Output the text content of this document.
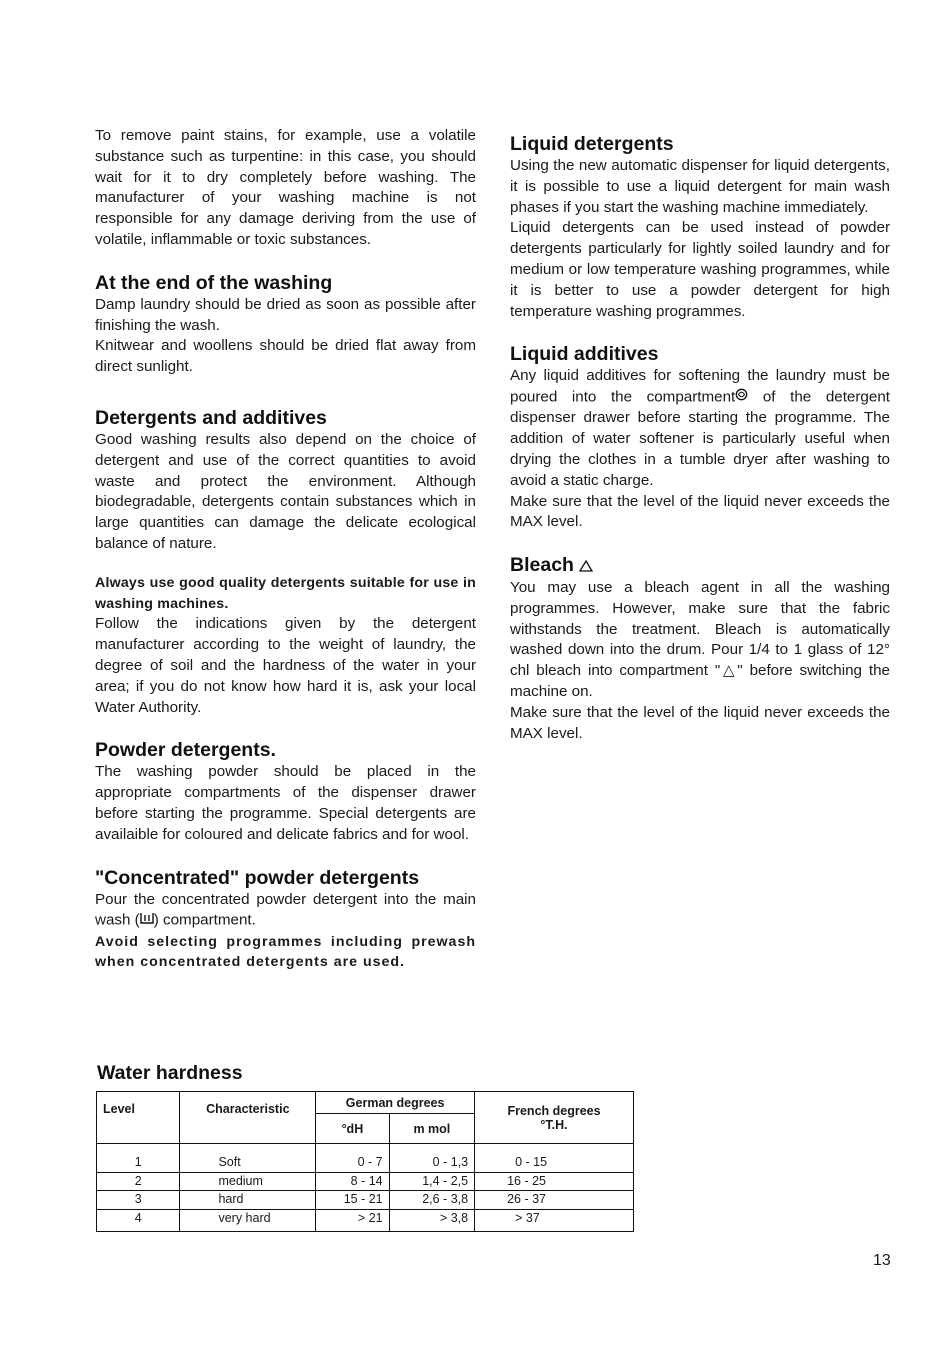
To remove paint stains, for example, use a volatile substance such as turpentine: in this case, you should wait for it to dry completely before washing. The manufacturer of your washing machine is not responsible for any damage deriving from the use of volatile, inflammable or toxic substances.

At the end of the washing

Damp laundry should be dried as soon as possible after finishing the wash.

Knitwear and woollens should be dried flat away from direct sunlight.

Detergents and additives

Good washing results also depend on the choice of detergent and use of the correct quantities to avoid waste and protect the environment. Although biodegradable, detergents contain substances which in large quantities can damage the delicate ecological balance of nature.

Always use good quality detergents suitable for use in washing machines.

Follow the indications given by the detergent manufacturer according to the weight of laundry, the degree of soil and the hardness of the water in your area; if you do not know how hard it is, ask your local Water Authority.

Powder detergents.

The washing powder should be placed in the appropriate compartments of the dispenser drawer before starting the programme. Special detergents are availaible for coloured and delicate fabrics and for wool.

"Concentrated" powder detergents

Pour the concentrated powder detergent into the main wash ( ) compartment.

Avoid selecting programmes including prewash when concentrated detergents are used.

Liquid detergents

Using the new automatic dispenser for liquid detergents, it is possible to use a liquid detergent for main wash phases if you start the washing machine immediately.

Liquid detergents can be used instead of powder detergents particularly for lightly soiled laundry and for medium or low temperature washing programmes, while it is better to use a powder detergent for high temperature washing programmes.

Liquid additives

Any liquid additives for softening the laundry must be poured into the compartment of the detergent dispenser drawer before starting the programme. The addition of water softener is particularly useful when drying the clothes in a tumble dryer after washing to avoid a static charge.

Make sure that the level of the liquid never exceeds the MAX level.

Bleach

You may use a bleach agent in all the washing programmes. However, make sure that the fabric withstands the treatment. Bleach is automatically washed down into the drum. Pour 1/4 to 1 glass of 12° chl bleach into compartment "△" before switching the machine on.

Make sure that the level of the liquid never exceeds the MAX level.

Water hardness
Level	Characteristic	German degrees		French degrees
°T.H.
		°dH	m mol	
1	Soft	0 - 7	0 - 1,3	0 - 15
2	medium	8 - 14	1,4 - 2,5	16 - 25
3	hard	15 - 21	2,6 - 3,8	26 - 37
4	very hard	> 21	> 3,8	> 37
13
